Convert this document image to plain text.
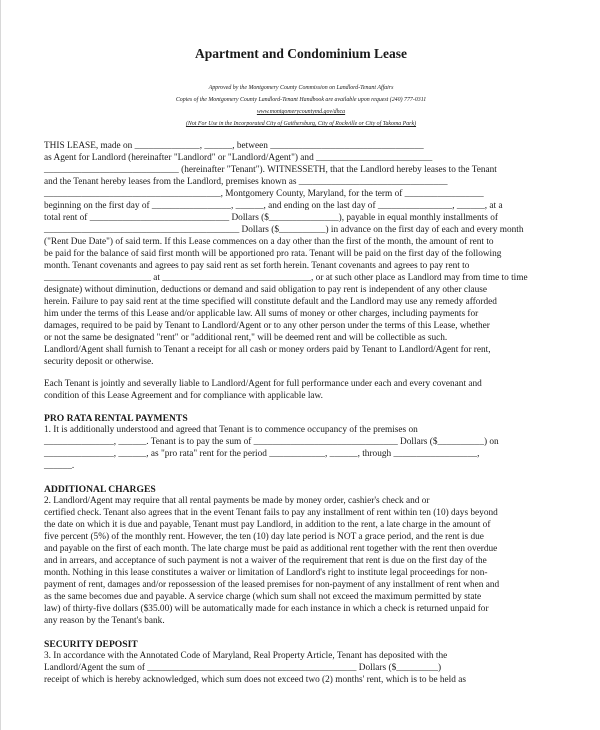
Apartment and Condominium Lease
Approved by the Montgomery County Commission on Landlord-Tenant Affairs
Copies of the Montgomery County Landlord-Tenant Handbook are available upon request (240) 777-0311
www.montgomerycountymd.gov/dhca
(Not For Use in the Incorporated City of Gaithersburg, City of Rockville or City of Takoma Park)
THIS LEASE, made on ______________, ______, between _________________________________
as Agent for Landlord (hereinafter "Landlord" or "Landlord/Agent") and _________________________
_____________________________ (hereinafter "Tenant"). WITNESSETH, that the Landlord hereby leases to the Tenant
and the Tenant hereby leases from the Landlord, premises known as ________________________________
______________________________________, Montgomery County, Maryland, for the term of _________________
beginning on the first day of _________________, ______, and ending on the last day of ________________, ______, at a
total rent of ______________________________ Dollars ($_______________), payable in equal monthly installments of
__________________________________________ Dollars ($__________) in advance on the first day of each and every month
("Rent Due Date") of said term. If this Lease commences on a day other than the first of the month, the amount of rent to
be paid for the balance of said first month will be apportioned pro rata. Tenant will be paid on the first day of the following
month. Tenant covenants and agrees to pay said rent as set forth herein. Tenant covenants and agrees to pay rent to
_______________________ at ________________________________, or at such other place as Landlord may from time to time
designate) without diminution, deductions or demand and said obligation to pay rent is independent of any other clause
herein. Failure to pay said rent at the time specified will constitute default and the Landlord may use any remedy afforded
him under the terms of this Lease and/or applicable law. All sums of money or other charges, including payments for
damages, required to be paid by Tenant to Landlord/Agent or to any other person under the terms of this Lease, whether
or not the same be designated "rent" or "additional rent," will be deemed rent and will be collectible as such.
Landlord/Agent shall furnish to Tenant a receipt for all cash or money orders paid by Tenant to Landlord/Agent for rent,
security deposit or otherwise.
Each Tenant is jointly and severally liable to Landlord/Agent for full performance under each and every covenant and
condition of this Lease Agreement and for compliance with applicable law.
PRO RATA RENTAL PAYMENTS
1. It is additionally understood and agreed that Tenant is to commence occupancy of the premises on
_______________, ______. Tenant is to pay the sum of _______________________________ Dollars ($__________) on
_______________, ______, as "pro rata" rent for the period ____________, ______, through __________________,
______.
ADDITIONAL CHARGES
2. Landlord/Agent may require that all rental payments be made by money order, cashier's check and or
certified check. Tenant also agrees that in the event Tenant fails to pay any installment of rent within ten (10) days beyond
the date on which it is due and payable, Tenant must pay Landlord, in addition to the rent, a late charge in the amount of
five percent (5%) of the monthly rent. However, the ten (10) day late period is NOT a grace period, and the rent is due
and payable on the first of each month. The late charge must be paid as additional rent together with the rent then overdue
and in arrears, and acceptance of such payment is not a waiver of the requirement that rent is due on the first day of the
month. Nothing in this lease constitutes a waiver or limitation of Landlord's right to institute legal proceedings for non-
payment of rent, damages and/or repossession of the leased premises for non-payment of any installment of rent when and
as the same becomes due and payable. A service charge (which sum shall not exceed the maximum permitted by state
law) of thirty-five dollars ($35.00) will be automatically made for each instance in which a check is returned unpaid for
any reason by the Tenant's bank.
SECURITY DEPOSIT
3. In accordance with the Annotated Code of Maryland, Real Property Article, Tenant has deposited with the
Landlord/Agent the sum of _____________________________________________ Dollars ($_________)
receipt of which is hereby acknowledged, which sum does not exceed two (2) months' rent, which is to be held as
